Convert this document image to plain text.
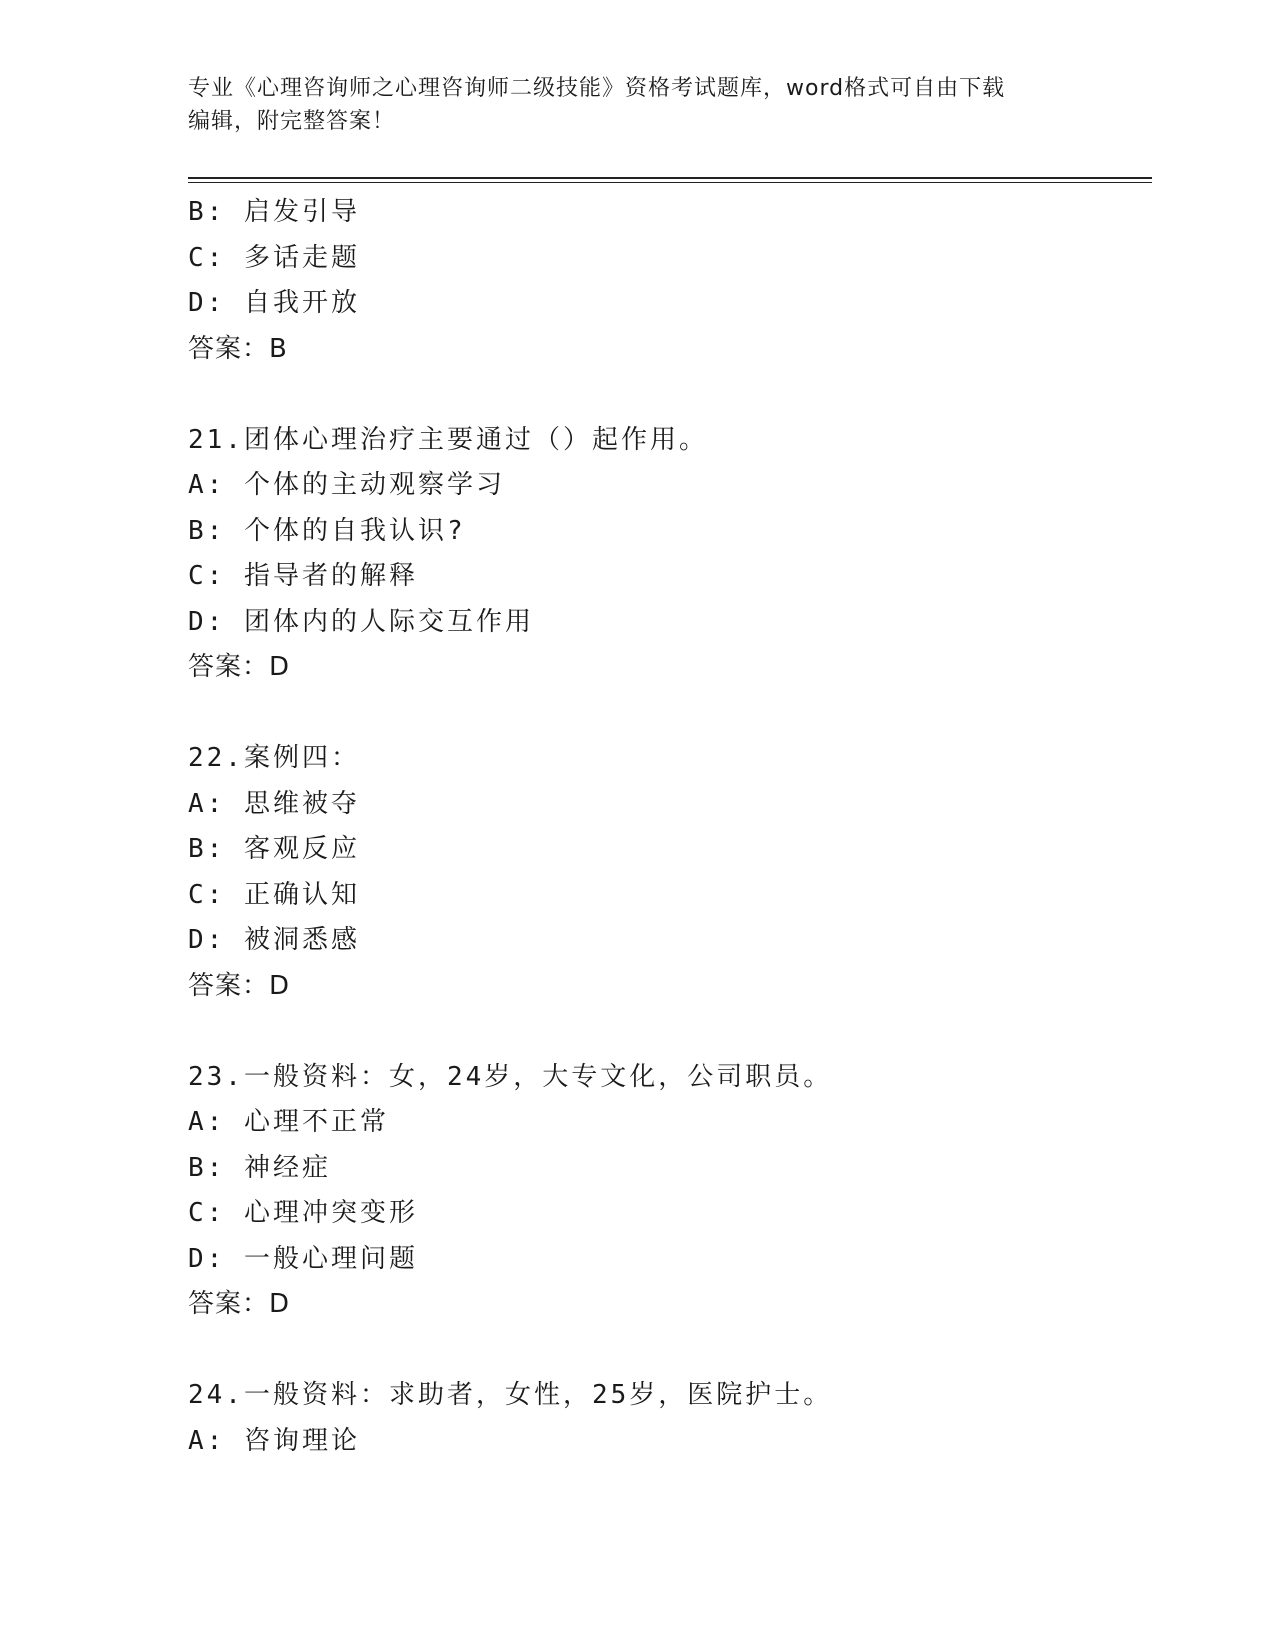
专业《心理咨询师之心理咨询师二级技能》资格考试题库，word格式可自由下载
编辑，附完整答案！
B: 启发引导
C: 多话走题
D: 自我开放
答案：B
21.团体心理治疗主要通过（）起作用。
A: 个体的主动观察学习
B: 个体的自我认识?
C: 指导者的解释
D: 团体内的人际交互作用
答案：D
22.案例四：
A: 思维被夺
B: 客观反应
C: 正确认知
D: 被洞悉感
答案：D
23.一般资料：女，24岁，大专文化，公司职员。
A: 心理不正常
B: 神经症
C: 心理冲突变形
D: 一般心理问题
答案：D
24.一般资料：求助者，女性，25岁，医院护士。
A: 咨询理论
